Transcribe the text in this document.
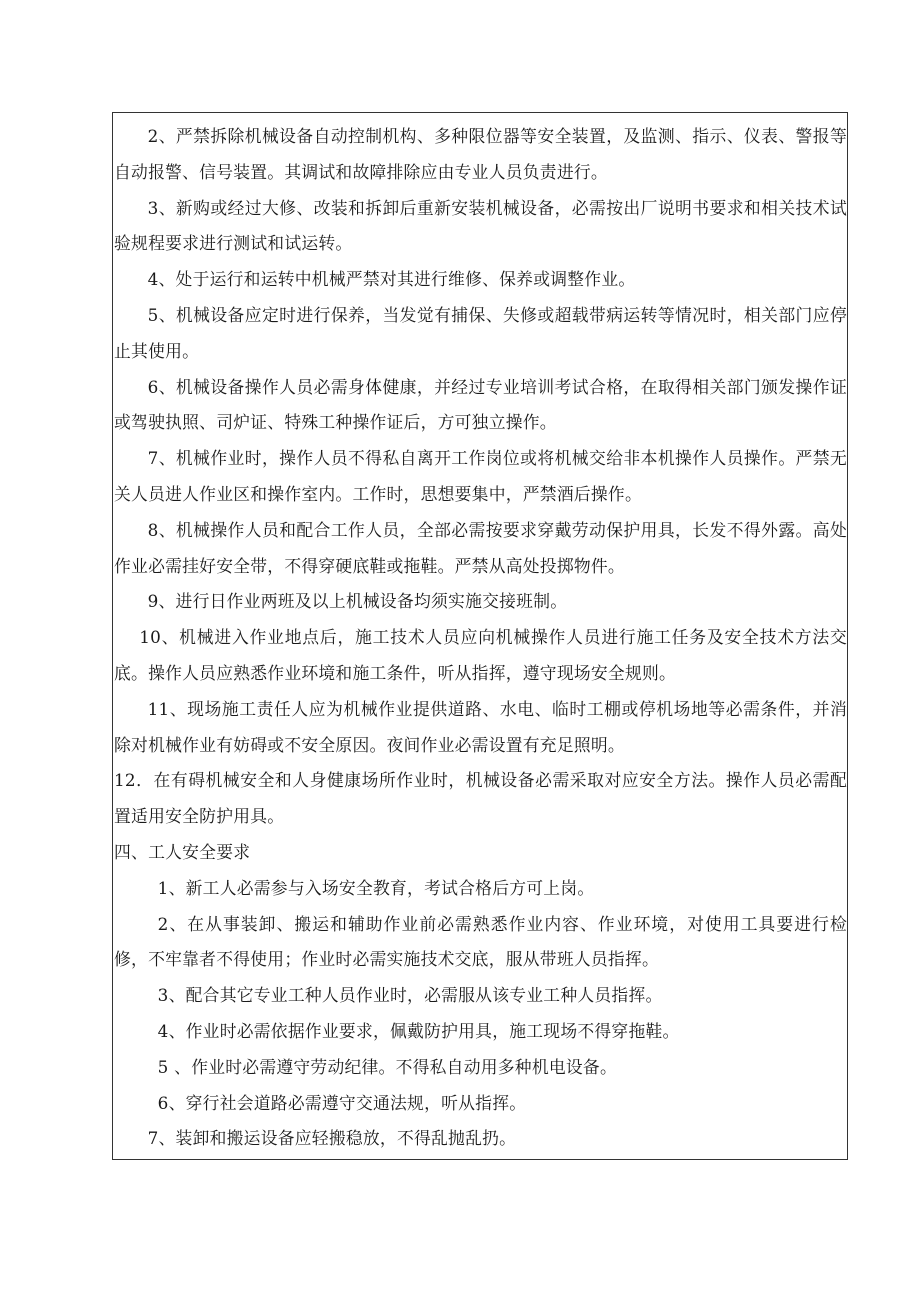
2、严禁拆除机械设备自动控制机构、多种限位器等安全装置，及监测、指示、仪表、警报等自动报警、信号装置。其调试和故障排除应由专业人员负责进行。

3、新购或经过大修、改装和拆卸后重新安装机械设备，必需按出厂说明书要求和相关技术试验规程要求进行测试和试运转。

4、处于运行和运转中机械严禁对其进行维修、保养或调整作业。

5、机械设备应定时进行保养，当发觉有捕保、失修或超载带病运转等情况时，相关部门应停止其使用。

6、机械设备操作人员必需身体健康，并经过专业培训考试合格，在取得相关部门颁发操作证或驾驶执照、司炉证、特殊工种操作证后，方可独立操作。

7、机械作业时，操作人员不得私自离开工作岗位或将机械交给非本机操作人员操作。严禁无关人员进人作业区和操作室内。工作时，思想要集中，严禁酒后操作。

8、机械操作人员和配合工作人员，全部必需按要求穿戴劳动保护用具，长发不得外露。高处作业必需挂好安全带，不得穿硬底鞋或拖鞋。严禁从高处投掷物件。

9、进行日作业两班及以上机械设备均须实施交接班制。

10、机械进入作业地点后，施工技术人员应向机械操作人员进行施工任务及安全技术方法交底。操作人员应熟悉作业环境和施工条件，听从指挥，遵守现场安全规则。

11、现场施工责任人应为机械作业提供道路、水电、临时工棚或停机场地等必需条件，并消除对机械作业有妨碍或不安全原因。夜间作业必需设置有充足照明。

12．在有碍机械安全和人身健康场所作业时，机械设备必需采取对应安全方法。操作人员必需配置适用安全防护用具。

四、工人安全要求

1、新工人必需参与入场安全教育，考试合格后方可上岗。

2、在从事装卸、搬运和辅助作业前必需熟悉作业内容、作业环境，对使用工具要进行检修，不牢靠者不得使用；作业时必需实施技术交底，服从带班人员指挥。

3、配合其它专业工种人员作业时，必需服从该专业工种人员指挥。

4、作业时必需依据作业要求，佩戴防护用具，施工现场不得穿拖鞋。

5 、作业时必需遵守劳动纪律。不得私自动用多种机电设备。

6、穿行社会道路必需遵守交通法规，听从指挥。

7、装卸和搬运设备应轻搬稳放，不得乱抛乱扔。
